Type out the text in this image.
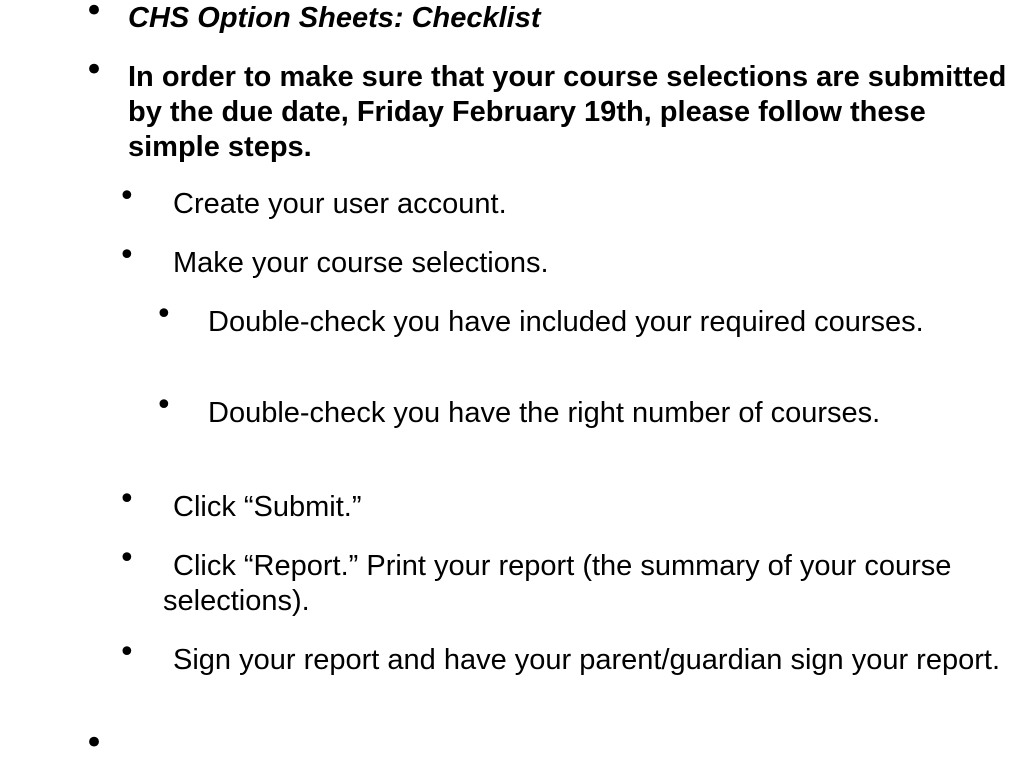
• CHS Option Sheets: Checklist
• In order to make sure that your course selections are submitted by the due date, Friday February 19th, please follow these simple steps.
•	Create your user account.
•	Make your course selections.
•	Double-check you have included your required courses.
•	Double-check you have the right number of courses.
•	Click “Submit.”
•	Click “Report.” Print your report (the summary of your course selections).
•	Sign your report and have your parent/guardian sign your report.
•
